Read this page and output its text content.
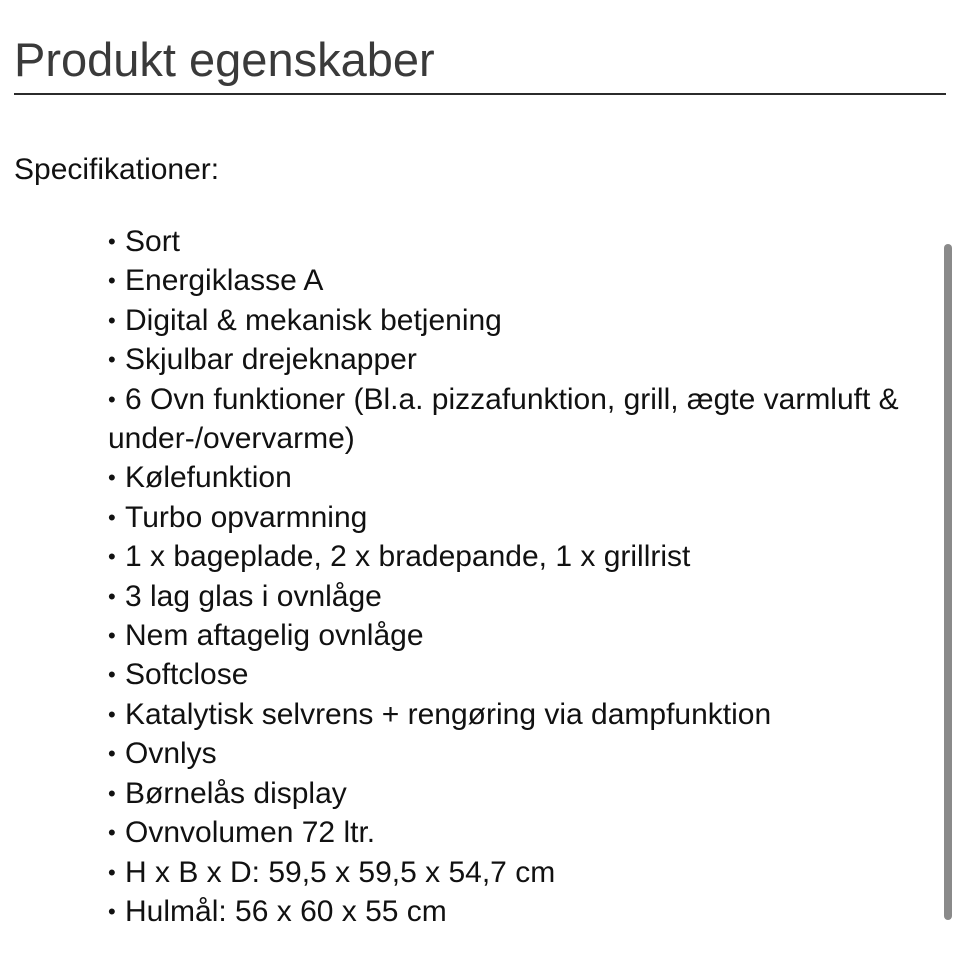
Produkt egenskaber
Specifikationer:
• Sort
• Energiklasse A
• Digital & mekanisk betjening
• Skjulbar drejeknapper
• 6 Ovn funktioner (Bl.a. pizzafunktion, grill, ægte varmluft & under-/overvarme)
• Kølefunktion
• Turbo opvarmning
• 1 x bageplade, 2 x bradepande, 1 x grillrist
• 3 lag glas i ovnlåge
• Nem aftagelig ovnlåge
• Softclose
• Katalytisk selvrens + rengøring via dampfunktion
• Ovnlys
• Børnelås display
• Ovnvolumen 72 ltr.
• H x B x D: 59,5 x 59,5 x 54,7 cm
• Hulmål: 56 x 60 x 55 cm
